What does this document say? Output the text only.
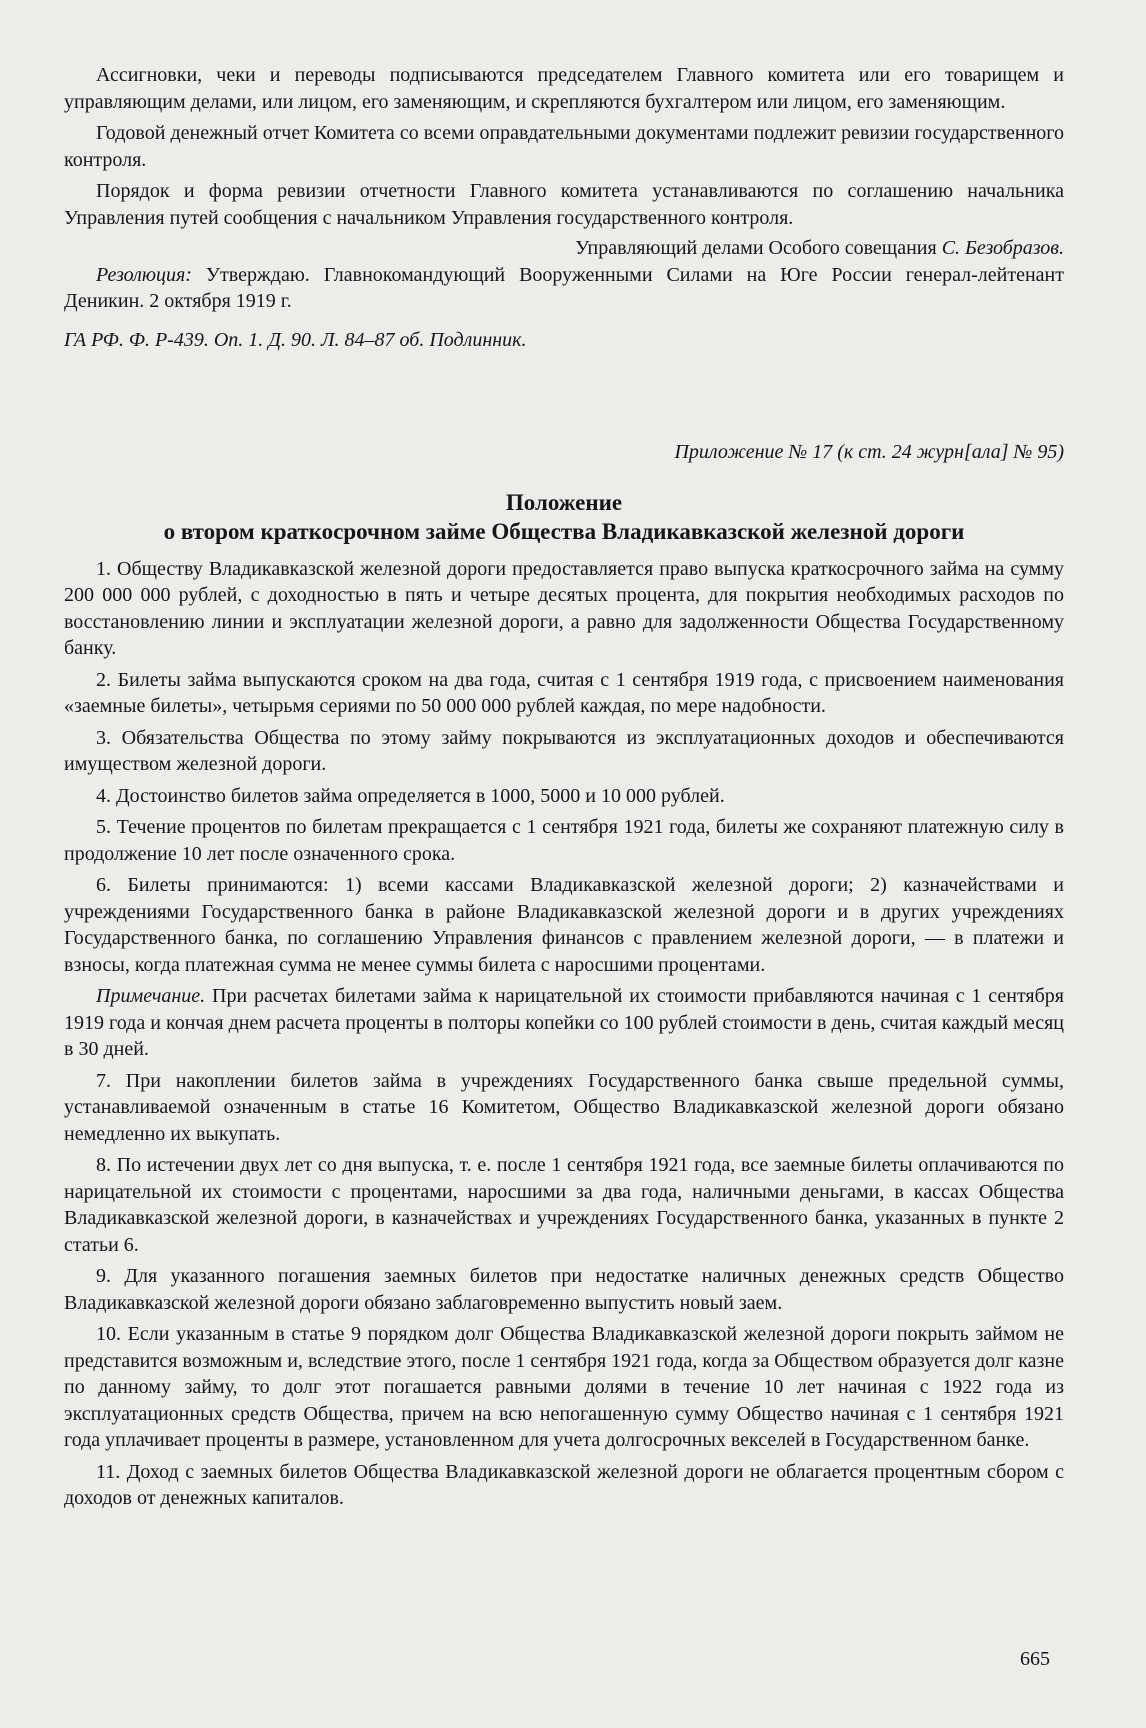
Ассигновки, чеки и переводы подписываются председателем Главного комитета или его товарищем и управляющим делами, или лицом, его заменяющим, и скрепляются бухгалтером или лицом, его заменяющим.

Годовой денежный отчет Комитета со всеми оправдательными документами подлежит ревизии государственного контроля.

Порядок и форма ревизии отчетности Главного комитета устанавливаются по соглашению начальника Управления путей сообщения с начальником Управления государственного контроля.

Управляющий делами Особого совещания С. Безобразов.

Резолюция: Утверждаю. Главнокомандующий Вооруженными Силами на Юге России генерал-лейтенант Деникин. 2 октября 1919 г.

ГА РФ. Ф. Р-439. Оп. 1. Д. 90. Л. 84–87 об. Подлинник.

Приложение № 17 (к ст. 24 журн[ала] № 95)

Положение

о втором краткосрочном займе Общества Владикавказской железной дороги

1. Обществу Владикавказской железной дороги предоставляется право выпуска краткосрочного займа на сумму 200 000 000 рублей, с доходностью в пять и четыре десятых процента, для покрытия необходимых расходов по восстановлению линии и эксплуатации железной дороги, а равно для задолженности Общества Государственному банку.

2. Билеты займа выпускаются сроком на два года, считая с 1 сентября 1919 года, с присвоением наименования «заемные билеты», четырьмя сериями по 50 000 000 рублей каждая, по мере надобности.

3. Обязательства Общества по этому займу покрываются из эксплуатационных доходов и обеспечиваются имуществом железной дороги.

4. Достоинство билетов займа определяется в 1000, 5000 и 10 000 рублей.

5. Течение процентов по билетам прекращается с 1 сентября 1921 года, билеты же сохраняют платежную силу в продолжение 10 лет после означенного срока.

6. Билеты принимаются: 1) всеми кассами Владикавказской железной дороги; 2) казначействами и учреждениями Государственного банка в районе Владикавказской железной дороги и в других учреждениях Государственного банка, по соглашению Управления финансов с правлением железной дороги, — в платежи и взносы, когда платежная сумма не менее суммы билета с наросшими процентами.

Примечание. При расчетах билетами займа к нарицательной их стоимости прибавляются начиная с 1 сентября 1919 года и кончая днем расчета проценты в полторы копейки со 100 рублей стоимости в день, считая каждый месяц в 30 дней.

7. При накоплении билетов займа в учреждениях Государственного банка свыше предельной суммы, устанавливаемой означенным в статье 16 Комитетом, Общество Владикавказской железной дороги обязано немедленно их выкупать.

8. По истечении двух лет со дня выпуска, т. е. после 1 сентября 1921 года, все заемные билеты оплачиваются по нарицательной их стоимости с процентами, наросшими за два года, наличными деньгами, в кассах Общества Владикавказской железной дороги, в казначействах и учреждениях Государственного банка, указанных в пункте 2 статьи 6.

9. Для указанного погашения заемных билетов при недостатке наличных денежных средств Общество Владикавказской железной дороги обязано заблаговременно выпустить новый заем.

10. Если указанным в статье 9 порядком долг Общества Владикавказской железной дороги покрыть займом не представится возможным и, вследствие этого, после 1 сентября 1921 года, когда за Обществом образуется долг казне по данному займу, то долг этот погашается равными долями в течение 10 лет начиная с 1922 года из эксплуатационных средств Общества, причем на всю непогашенную сумму Общество начиная с 1 сентября 1921 года уплачивает проценты в размере, установленном для учета долгосрочных векселей в Государственном банке.

11. Доход с заемных билетов Общества Владикавказской железной дороги не облагается процентным сбором с доходов от денежных капиталов.

665
